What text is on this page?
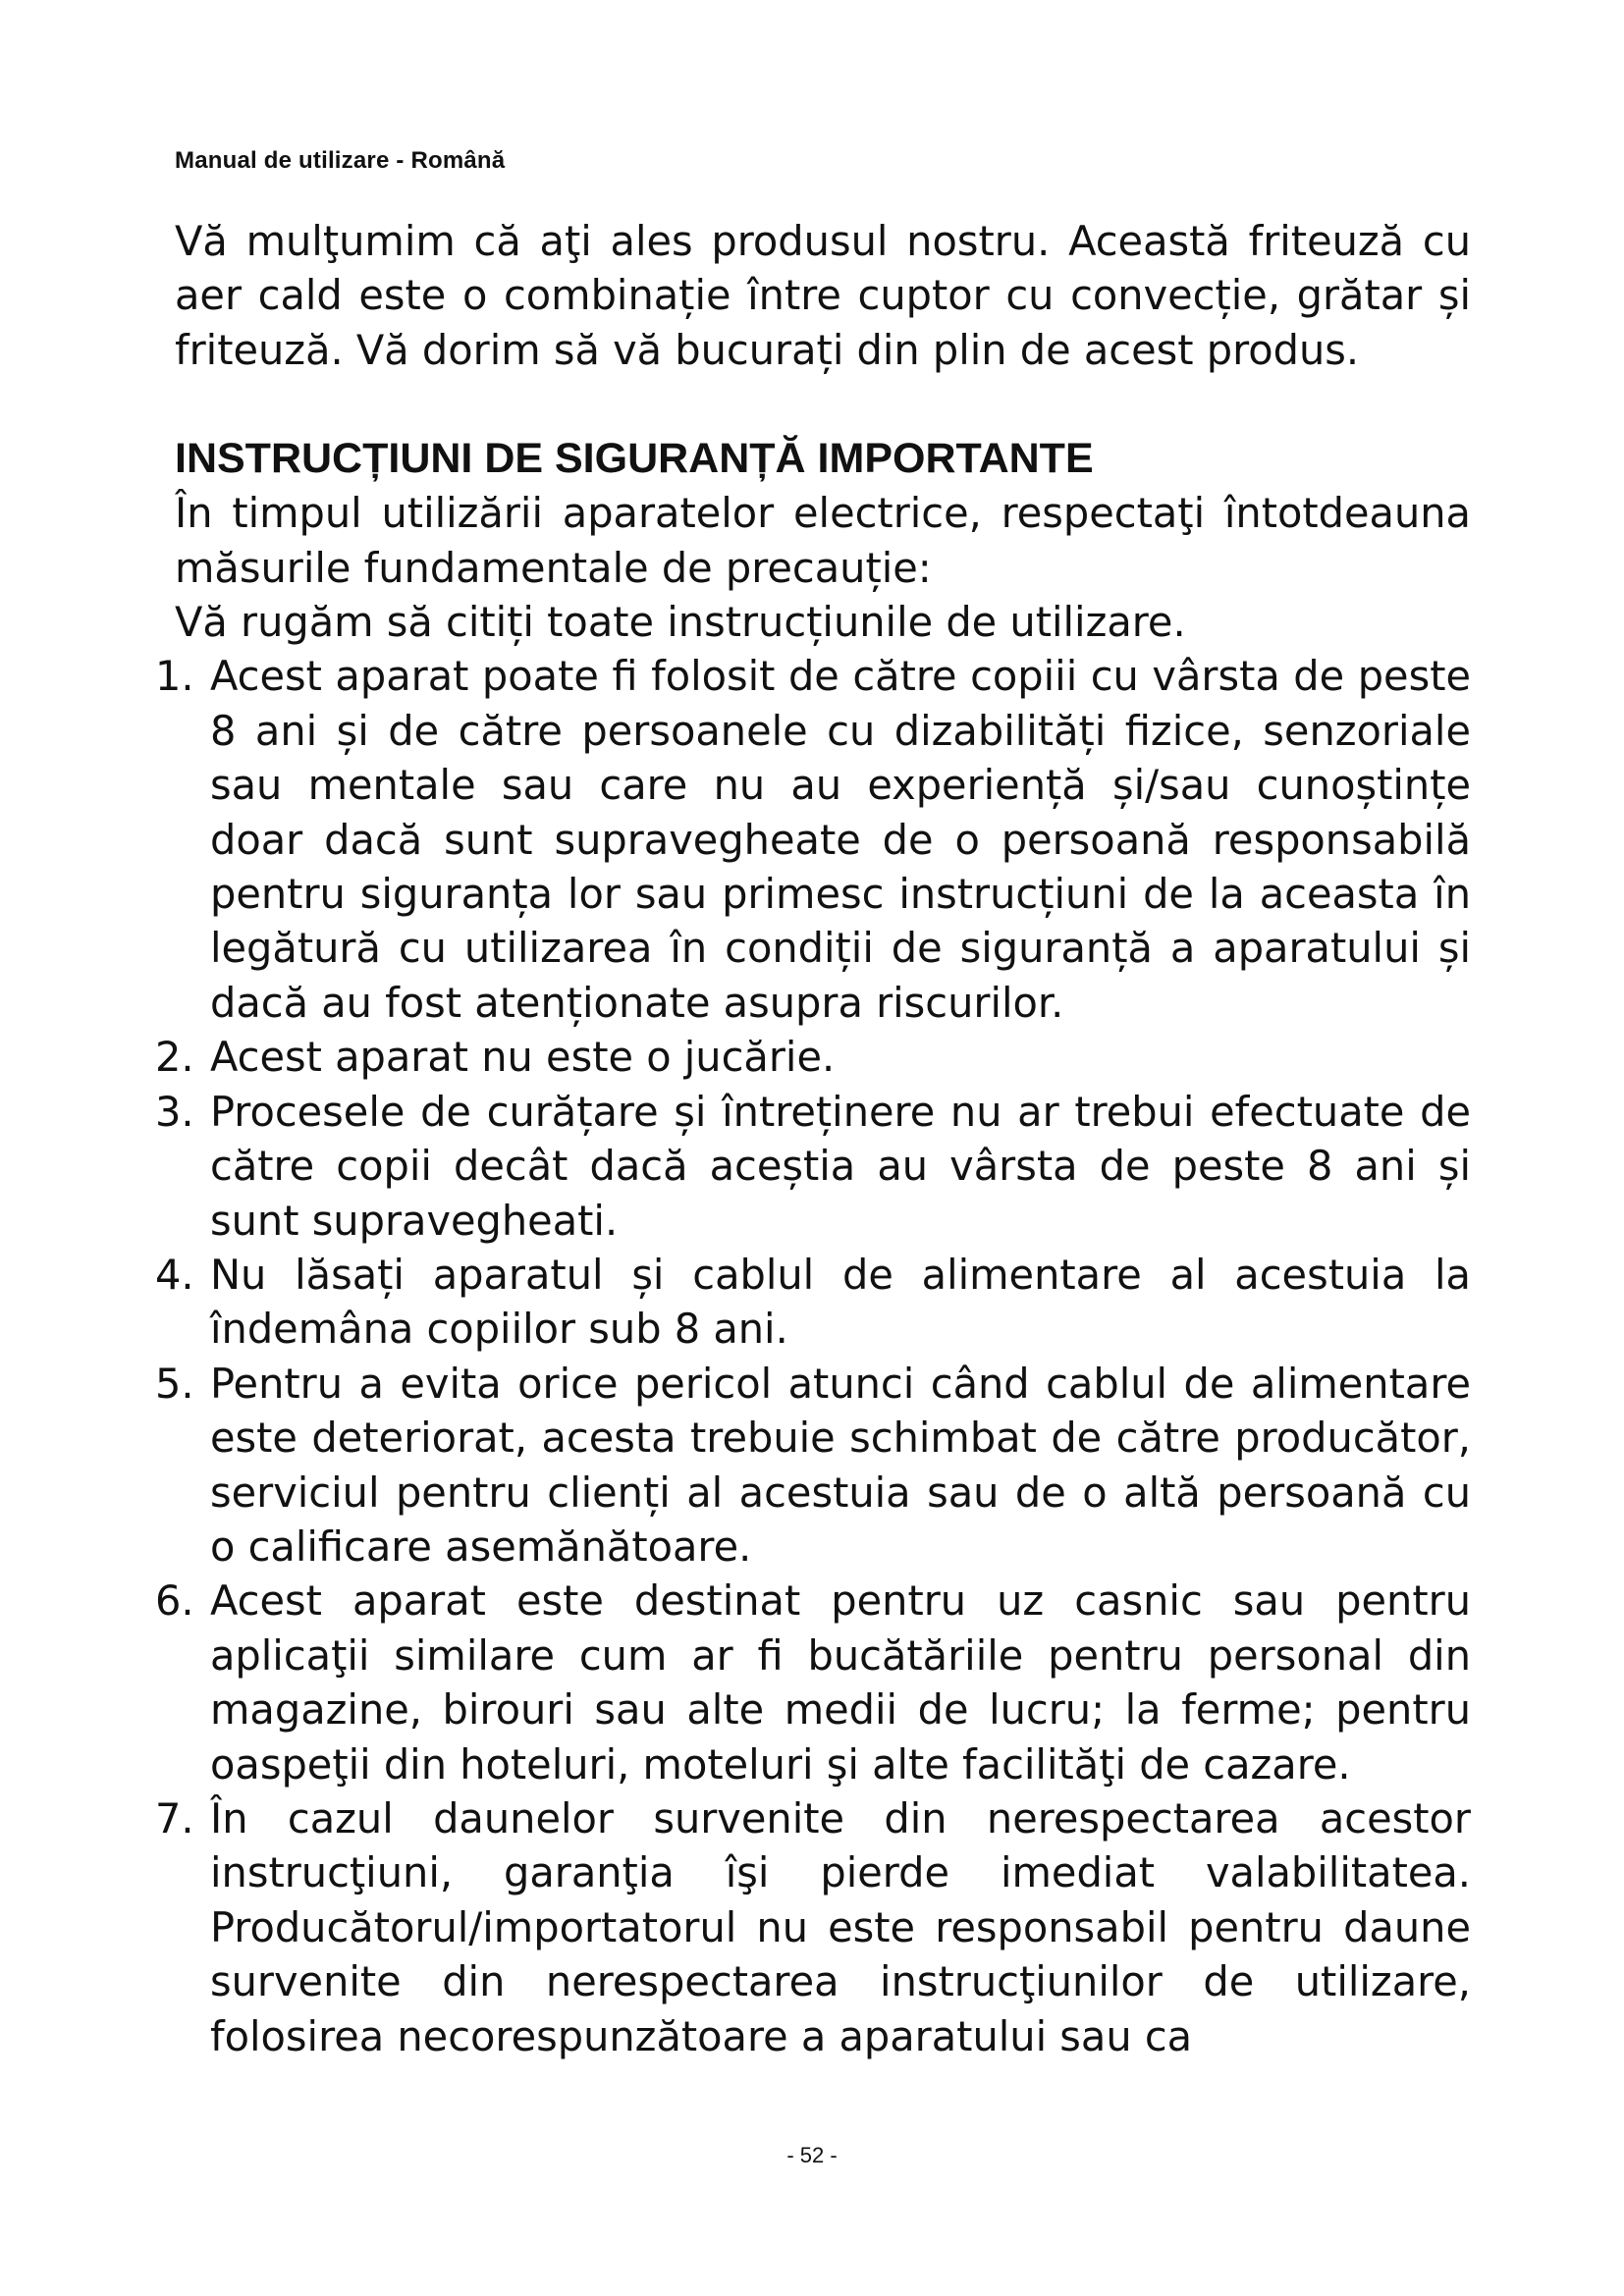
Manual de utilizare - Română

Vă mulţumim că aţi ales produsul nostru. Această friteuză cu aer cald este o combinație între cuptor cu convecție, grătar și friteuză. Vă dorim să vă bucurați din plin de acest produs.

INSTRUCȚIUNI DE SIGURANȚĂ IMPORTANTE

În timpul utilizării aparatelor electrice, respectaţi întotdeauna măsurile fundamentale de precauție:

Vă rugăm să citiți toate instrucțiunile de utilizare.

1. Acest aparat poate fi folosit de către copiii cu vârsta de peste 8 ani și de către persoanele cu dizabilități fizice, senzoriale sau mentale sau care nu au experiență și/sau cunoștințe doar dacă sunt supravegheate de o persoană responsabilă pentru siguranța lor sau primesc instrucțiuni de la aceasta în legătură cu utilizarea în condiții de siguranță a aparatului și dacă au fost atenționate asupra riscurilor.
2. Acest aparat nu este o jucărie.
3. Procesele de curățare și întreținere nu ar trebui efectuate de către copii decât dacă aceștia au vârsta de peste 8 ani și sunt supravegheati.
4. Nu lăsați aparatul și cablul de alimentare al acestuia la îndemâna copiilor sub 8 ani.
5. Pentru a evita orice pericol atunci când cablul de alimentare este deteriorat, acesta trebuie schimbat de către producător, serviciul pentru clienți al acestuia sau de o altă persoană cu o calificare asemănătoare.
6. Acest aparat este destinat pentru uz casnic sau pentru aplicaţii similare cum ar fi bucătăriile pentru personal din magazine, birouri sau alte medii de lucru; la ferme; pentru oaspeţii din hoteluri, moteluri şi alte facilităţi de cazare.
7. În cazul daunelor survenite din nerespectarea acestor instrucţiuni, garanţia îşi pierde imediat valabilitatea. Producătorul/importatorul nu este responsabil pentru daune survenite din nerespectarea instrucţiunilor de utilizare, folosirea necorespunzătoare a aparatului sau ca
- 52 -
